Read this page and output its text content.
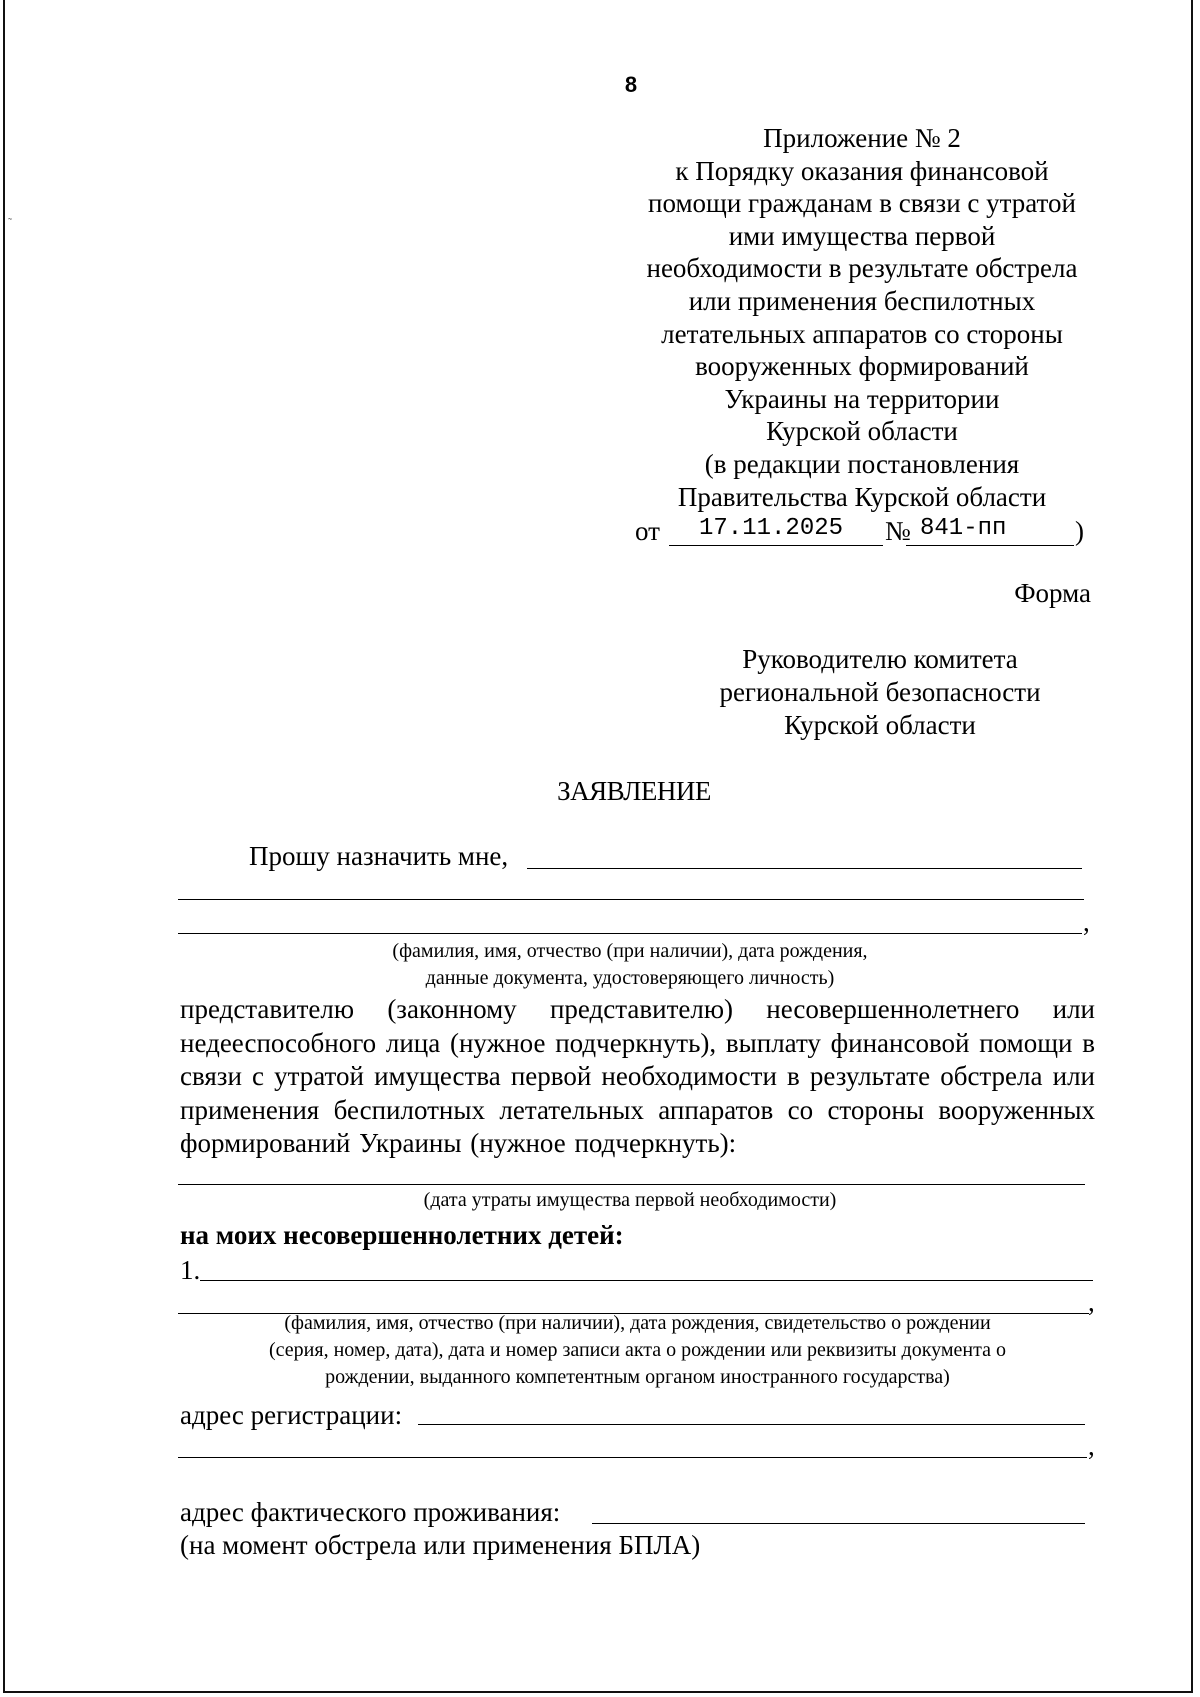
˜
8
Приложение № 2
к Порядку оказания финансовой
помощи гражданам в связи с утратой
ими имущества первой
необходимости в результате обстрела
или применения беспилотных
летательных аппаратов со стороны
вооруженных формирований
Украины на территории
Курской области
(в редакции постановления
Правительства Курской области
от 17.11.2025 № 841-пп	)
Форма
Руководителю комитета
региональной безопасности
Курской области
ЗАЯВЛЕНИЕ
Прошу назначить мне,
,
(фамилия, имя, отчество (при наличии), дата рождения,
данные документа, удостоверяющего личность)
представителю (законному представителю) несовершеннолетнего или недееспособного лица (нужное подчеркнуть), выплату финансовой помощи в связи с утратой имущества первой необходимости в результате обстрела или применения беспилотных летательных аппаратов со стороны вооруженных формирований Украины (нужное подчеркнуть):
(дата утраты имущества первой необходимости)
на моих несовершеннолетних детей:
1.
,
(фамилия, имя, отчество (при наличии), дата рождения, свидетельство о рождении
(серия, номер, дата), дата и номер записи акта о рождении или реквизиты документа о
рождении, выданного компетентным органом иностранного государства)
адрес регистрации:
,
адрес фактического проживания:
(на момент обстрела или применения БПЛА)
